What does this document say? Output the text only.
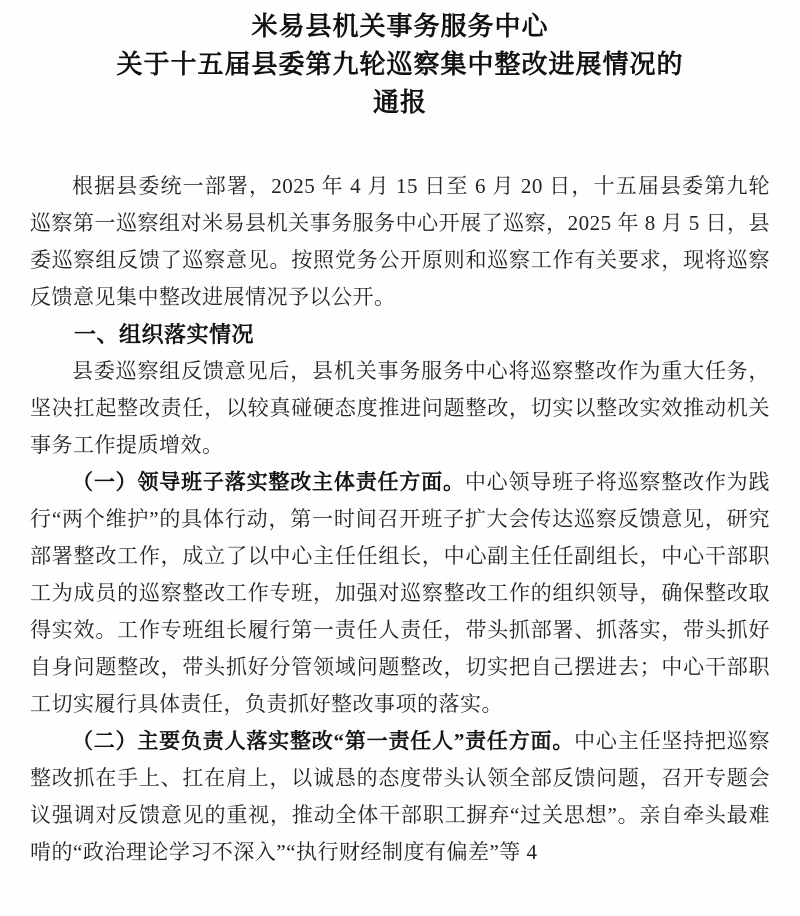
米易县机关事务服务中心
关于十五届县委第九轮巡察集中整改进展情况的
通报

根据县委统一部署，2025 年 4 月 15 日至 6 月 20 日，十五届县委第九轮巡察第一巡察组对米易县机关事务服务中心开展了巡察，2025 年 8 月 5 日，县委巡察组反馈了巡察意见。按照党务公开原则和巡察工作有关要求，现将巡察反馈意见集中整改进展情况予以公开。

一、组织落实情况

县委巡察组反馈意见后，县机关事务服务中心将巡察整改作为重大任务，坚决扛起整改责任，以较真碰硬态度推进问题整改，切实以整改实效推动机关事务工作提质增效。

（一）领导班子落实整改主体责任方面。中心领导班子将巡察整改作为践行“两个维护”的具体行动，第一时间召开班子扩大会传达巡察反馈意见，研究部署整改工作，成立了以中心主任任组长，中心副主任任副组长，中心干部职工为成员的巡察整改工作专班，加强对巡察整改工作的组织领导，确保整改取得实效。工作专班组长履行第一责任人责任，带头抓部署、抓落实，带头抓好自身问题整改，带头抓好分管领域问题整改，切实把自己摆进去；中心干部职工切实履行具体责任，负责抓好整改事项的落实。

（二）主要负责人落实整改“第一责任人”责任方面。中心主任坚持把巡察整改抓在手上、扛在肩上，以诚恳的态度带头认领全部反馈问题，召开专题会议强调对反馈意见的重视，推动全体干部职工摒弃“过关思想”。亲自牵头最难啃的“政治理论学习不深入”“执行财经制度有偏差”等 4
